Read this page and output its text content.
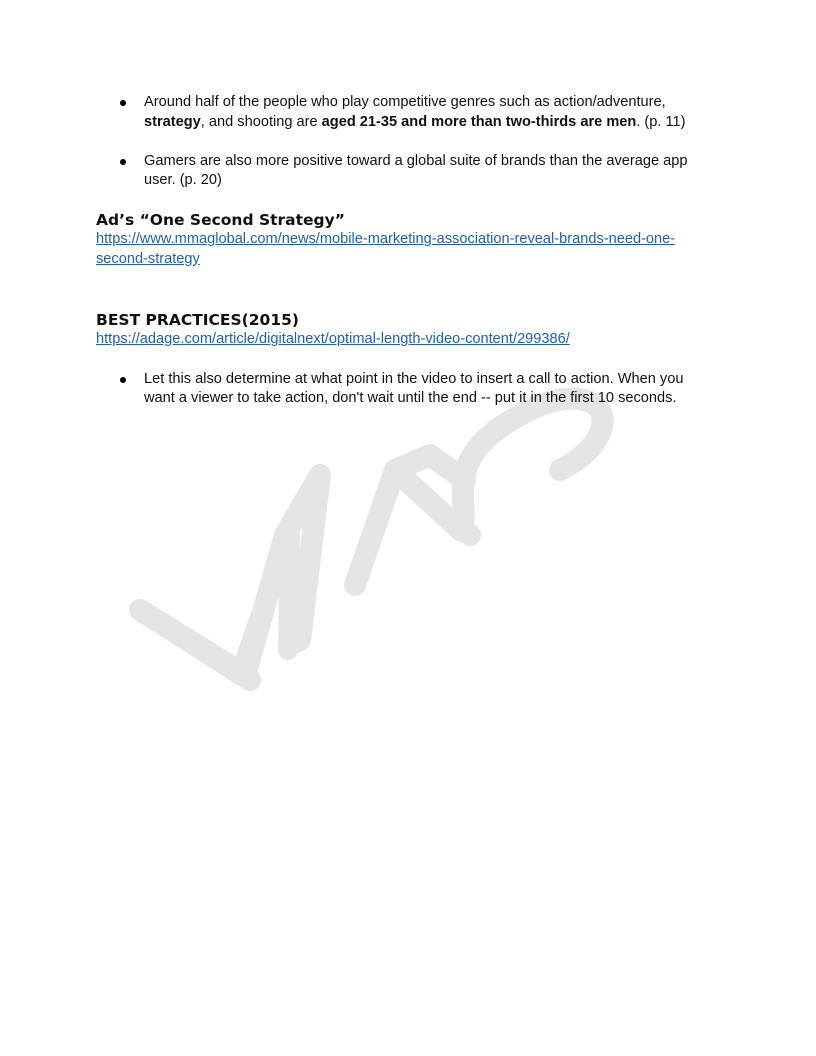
Around half of the people who play competitive genres such as action/adventure, strategy, and shooting are aged 21-35 and more than two-thirds are men. (p. 11)
Gamers are also more positive toward a global suite of brands than the average app user. (p. 20)
Ad’s “One Second Strategy”
https://www.mmaglobal.com/news/mobile-marketing-association-reveal-brands-need-one-second-strategy
BEST PRACTICES(2015)
https://adage.com/article/digitalnext/optimal-length-video-content/299386/
Let this also determine at what point in the video to insert a call to action. When you want a viewer to take action, don't wait until the end -- put it in the first 10 seconds.
